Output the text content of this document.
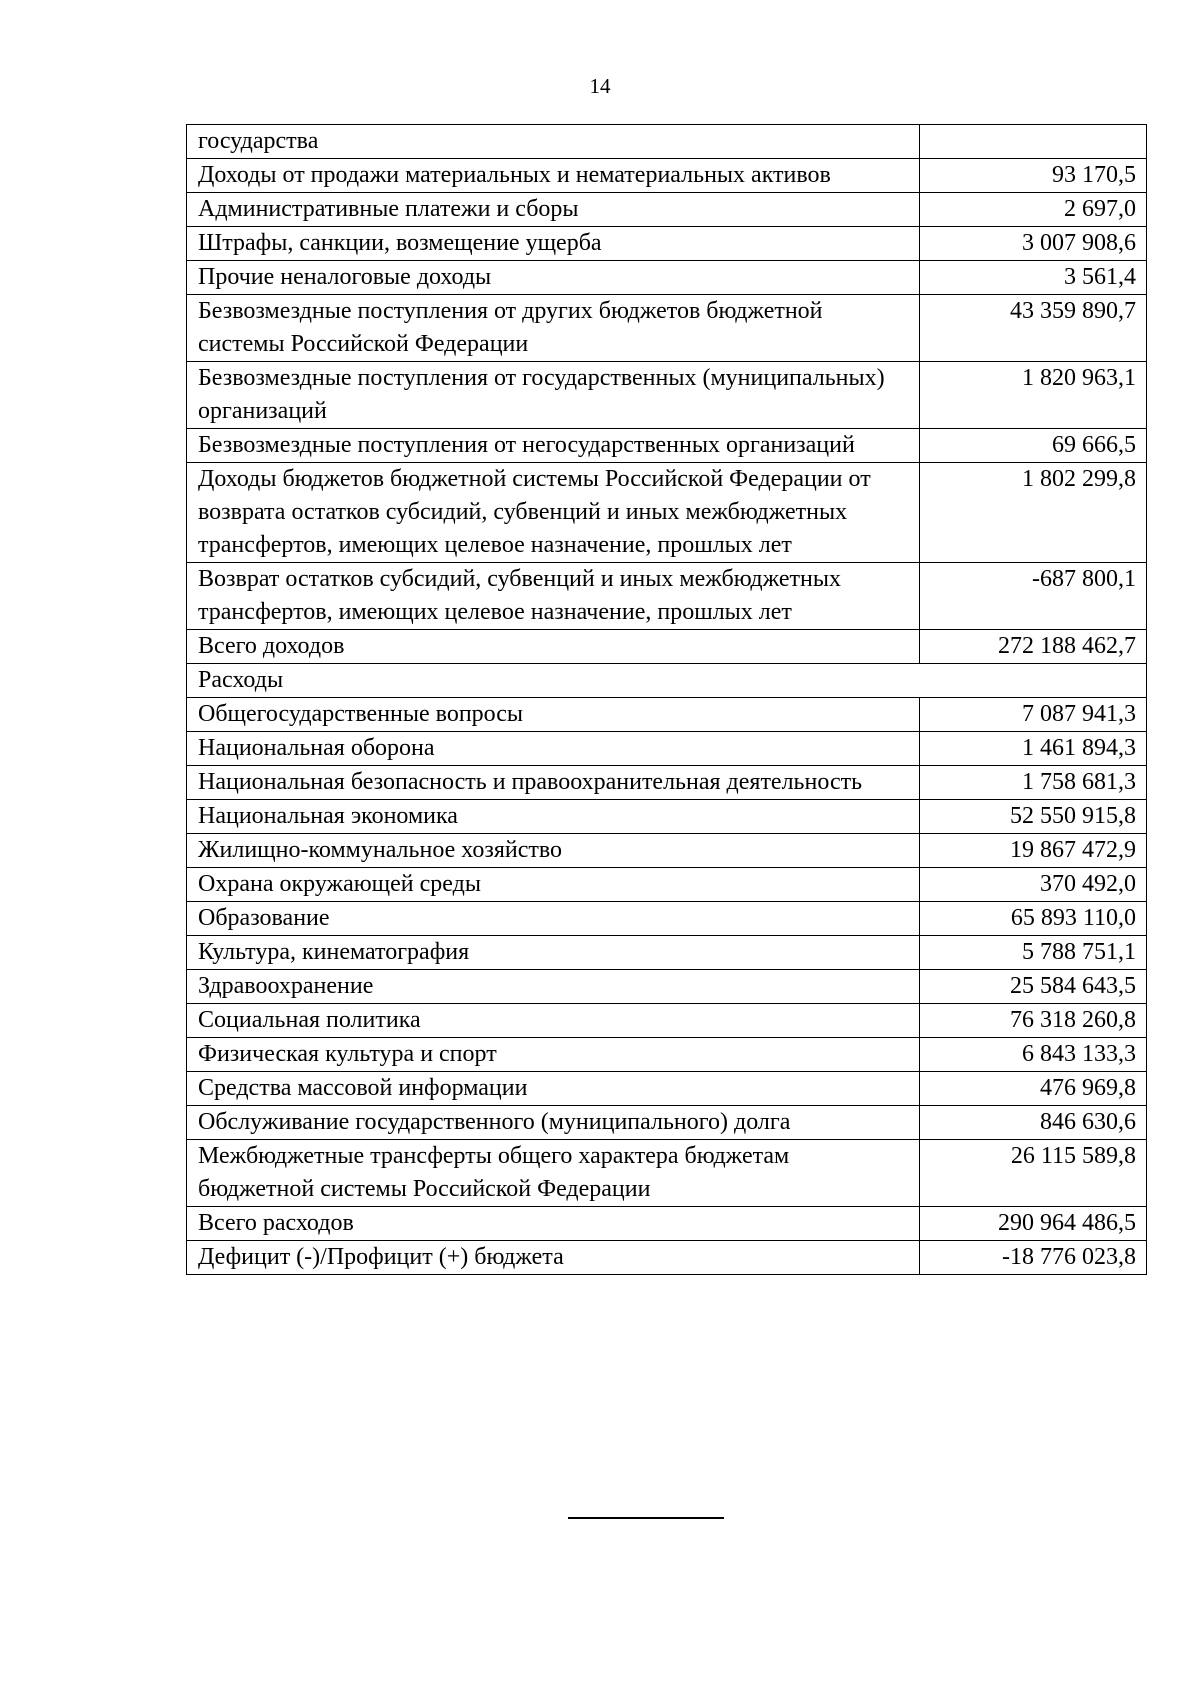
14
государства	
Доходы от продажи материальных и нематериальных активов	93 170,5
Административные платежи и сборы	2 697,0
Штрафы, санкции, возмещение ущерба	3 007 908,6
Прочие неналоговые доходы	3 561,4
Безвозмездные поступления от других бюджетов бюджетной системы Российской Федерации	43 359 890,7
Безвозмездные поступления от государственных (муниципальных) организаций	1 820 963,1
Безвозмездные поступления от негосударственных организаций	69 666,5
Доходы бюджетов бюджетной системы Российской Федерации от возврата остатков субсидий, субвенций и иных межбюджетных трансфертов, имеющих целевое назначение, прошлых лет	1 802 299,8
Возврат остатков субсидий, субвенций и иных межбюджетных трансфертов, имеющих целевое назначение, прошлых лет	-687 800,1
Всего доходов	272 188 462,7
Расходы	
Общегосударственные вопросы	7 087 941,3
Национальная оборона	1 461 894,3
Национальная безопасность и правоохранительная деятельность	1 758 681,3
Национальная экономика	52 550 915,8
Жилищно-коммунальное хозяйство	19 867 472,9
Охрана окружающей среды	370 492,0
Образование	65 893 110,0
Культура, кинематография	5 788 751,1
Здравоохранение	25 584 643,5
Социальная политика	76 318 260,8
Физическая культура и спорт	6 843 133,3
Средства массовой информации	476 969,8
Обслуживание государственного (муниципального) долга	846 630,6
Межбюджетные трансферты общего характера бюджетам бюджетной системы Российской Федерации	26 115 589,8
Всего расходов	290 964 486,5
Дефицит (-)/Профицит (+) бюджета	-18 776 023,8
